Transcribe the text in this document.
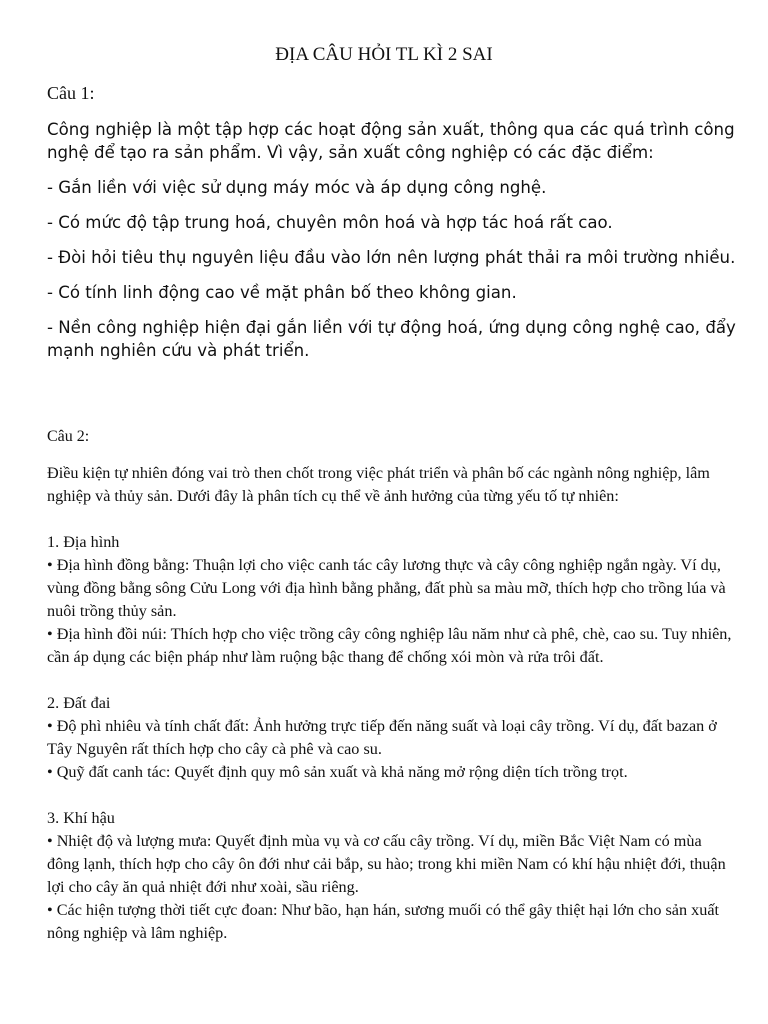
ĐỊA CÂU HỎI TL KÌ 2 SAI
Câu 1:

Công nghiệp là một tập hợp các hoạt động sản xuất, thông qua các quá trình công nghệ để tạo ra sản phẩm. Vì vậy, sản xuất công nghiệp có các đặc điểm:

- Gắn liền với việc sử dụng máy móc và áp dụng công nghệ.

- Có mức độ tập trung hoá, chuyên môn hoá và hợp tác hoá rất cao.

- Đòi hỏi tiêu thụ nguyên liệu đầu vào lớn nên lượng phát thải ra môi trường nhiều.

- Có tính linh động cao về mặt phân bố theo không gian.

- Nền công nghiệp hiện đại gắn liền với tự động hoá, ứng dụng công nghệ cao, đẩy mạnh nghiên cứu và phát triển.

Câu 2:

Điều kiện tự nhiên đóng vai trò then chốt trong việc phát triển và phân bố các ngành nông nghiệp, lâm nghiệp và thủy sản. Dưới đây là phân tích cụ thể về ảnh hưởng của từng yếu tố tự nhiên:

1. Địa hình

• Địa hình đồng bằng: Thuận lợi cho việc canh tác cây lương thực và cây công nghiệp ngắn ngày. Ví dụ, vùng đồng bằng sông Cửu Long với địa hình bằng phẳng, đất phù sa màu mỡ, thích hợp cho trồng lúa và nuôi trồng thủy sản.

• Địa hình đồi núi: Thích hợp cho việc trồng cây công nghiệp lâu năm như cà phê, chè, cao su. Tuy nhiên, cần áp dụng các biện pháp như làm ruộng bậc thang để chống xói mòn và rửa trôi đất.

2. Đất đai

• Độ phì nhiêu và tính chất đất: Ảnh hưởng trực tiếp đến năng suất và loại cây trồng. Ví dụ, đất bazan ở Tây Nguyên rất thích hợp cho cây cà phê và cao su.

• Quỹ đất canh tác: Quyết định quy mô sản xuất và khả năng mở rộng diện tích trồng trọt.

3. Khí hậu

• Nhiệt độ và lượng mưa: Quyết định mùa vụ và cơ cấu cây trồng. Ví dụ, miền Bắc Việt Nam có mùa đông lạnh, thích hợp cho cây ôn đới như cải bắp, su hào; trong khi miền Nam có khí hậu nhiệt đới, thuận lợi cho cây ăn quả nhiệt đới như xoài, sầu riêng.

• Các hiện tượng thời tiết cực đoan: Như bão, hạn hán, sương muối có thể gây thiệt hại lớn cho sản xuất nông nghiệp và lâm nghiệp.
